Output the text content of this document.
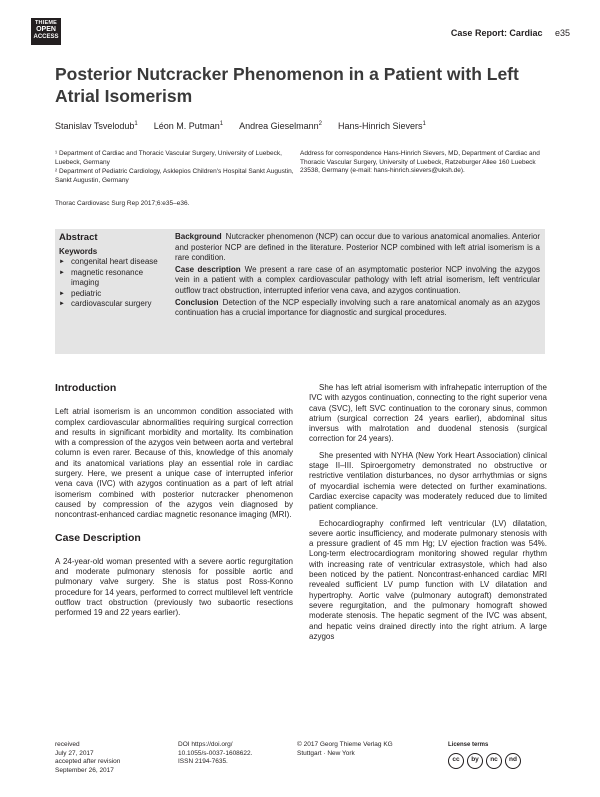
THIEME
OPEN
ACCESS	Case Report: Cardiac e35
Posterior Nutcracker Phenomenon in a Patient with Left Atrial Isomerism
Stanislav Tsvelodub$^1$ Léon M. Putman$^1$ Andrea Gieselmann$^2$ Hans-Hinrich Sievers$^1$

¹ Department of Cardiac and Thoracic Vascular Surgery, University of Luebeck, Luebeck, Germany

² Department of Pediatric Cardiology, Asklepios Children's Hospital Sankt Augustin, Sankt Augustin, Germany

Address for correspondence Hans-Hinrich Sievers, MD, Department of Cardiac and Thoracic Vascular Surgery, University of Luebeck, Ratzeburger Allee 160 Luebeck 23538, Germany (e-mail: hans-hinrich.sievers@uksh.de).
Thorac Cardiovasc Surg Rep 2017;6:e35–e36.
Abstract
Keywords
► congenital heart disease
► magnetic resonance imaging
► pediatric
► cardiovascular surgery

Background Nutcracker phenomenon (NCP) can occur due to various anatomical anomalies. Anterior and posterior NCP are defined in the literature. Posterior NCP combined with left atrial isomerism is a rare condition.

Case description We present a rare case of an asymptomatic posterior NCP involving the azygos vein in a patient with a complex cardiovascular pathology with left atrial isomerism, left ventricular outflow tract obstruction, interrupted inferior vena cava, and azygos continuation.

Conclusion Detection of the NCP especially involving such a rare anatomical anomaly as an azygos continuation has a crucial importance for diagnostic and surgical procedures.

Introduction

Left atrial isomerism is an uncommon condition associated with complex cardiovascular abnormalities requiring surgical correction and results in significant morbidity and mortality. Its combination with a compression of the azygos vein between aorta and vertebral column is even rarer. Because of this, knowledge of this anomaly and its anatomical variations play an essential role in cardiac surgery. Here, we present a unique case of interrupted inferior vena cava (IVC) with azygos continuation as a part of left atrial isomerism combined with posterior nutcracker phenomenon caused by compression of the azygos vein diagnosed by noncontrast-enhanced cardiac magnetic resonance imaging (MRI).

Case Description

A 24-year-old woman presented with a severe aortic regurgitation and moderate pulmonary stenosis for possible aortic and pulmonary valve surgery. She is status post Ross-Konno procedure for 14 years, performed to correct multilevel left ventricle outflow tract obstruction (previously two subaortic resections performed 19 and 22 years earlier).

She has left atrial isomerism with infrahepatic interruption of the IVC with azygos continuation, connecting to the right superior vena cava (SVC), left SVC continuation to the coronary sinus, common atrium (surgical correction 24 years earlier), abdominal situs inversus with malrotation and duodenal stenosis (surgical correction for 24 years).

She presented with NYHA (New York Heart Association) clinical stage II–III. Spiroergometry demonstrated no obstructive or restrictive ventilation disturbances, no dysor arrhythmias or signs of myocardial ischemia were detected on further examinations. Cardiac exercise capacity was moderately reduced due to limited patient compliance.

Echocardiography confirmed left ventricular (LV) dilatation, severe aortic insufficiency, and moderate pulmonary stenosis with a pressure gradient of 45 mm Hg; LV ejection fraction was 54%. Long-term electrocardiogram monitoring showed regular rhythm with increasing rate of ventricular extrasystole, which had also been noticed by the patient. Noncontrast-enhanced cardiac MRI revealed sufficient LV pump function with LV dilatation and hypertrophy. Aortic valve (pulmonary autograft) demonstrated severe regurgitation, and the pulmonary homograft showed moderate stenosis. The hepatic segment of the IVC was absent, and hepatic veins drained directly into the right atrium. A large azygos

received
July 27, 2017
accepted after revision
September 26, 2017
DOI https://doi.org/
10.1055/s-0037-1608622.
ISSN 2194-7635.
© 2017 Georg Thieme Verlag KG
Stuttgart · New York
License terms
cc	by	nc	nd
